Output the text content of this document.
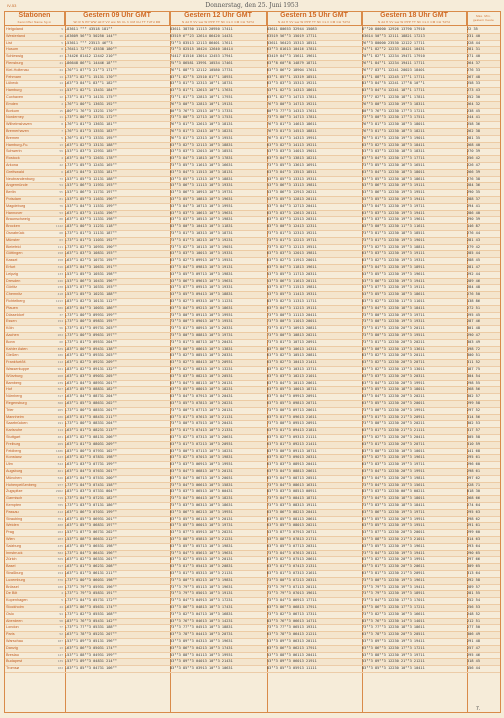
IV-53	Donnerstag, den 25. Juni 1953
Stationen
Kennziffer Name hg m
Gestern 09 Uhr GMT
Wi R N PP WW dd ff VV ww Nh CL h CM CH TT TdTd RR
Gestern 12 Uhr GMT
N dd ff VV ww W PPP TT Nh CL h CM CH TdTd
Gestern 15 Uhr GMT
N dd ff VV ww W PPP TT Nh CL h CM CH TdTd
Gestern 18 Uhr GMT
N dd ff VV ww W PPP TT Nh CL h CM CH TdTd
Max. Min.
gestern heute
Helgoland	9 —83611 ⁰⁰⁰ 43518 181⁰⁰	83611 38750 11113 20950 17411	83611 80653 32944 15083	8⁰⁰20 80000 12926 13790 17910	22 35
Westerland	16 —63609 56⁰⁰3 50250 144⁰⁰	63519 6⁰⁰23 12614 86420 14431	63519 56⁰⁰3 15019 17711	63614 50⁰⁰3 12111 18821 17213	231 40
List	5 —53611 ⁰⁰⁰ 23513 46⁰⁰3	73⁰⁰3 83513 12113 86401 17611	53611 56423 15313 18511	76⁰⁰3 80000 23530 12122 17711	228 44
Husum	8 —76411 72⁰⁰7 43538 180⁰⁰	73⁰⁰3 82515 10424 12640 18414	63⁰⁰3 81613 10416 17811	74⁰⁰1 82⁰⁰2 12233 18421 10431	281 31
Schleswig	43 —74426 81412 12442 210⁰⁰	74417 81516 13014 12453 17941	63419 84⁰⁰3 15611 19611	70⁰⁰1 82⁰⁰1 12234 19471 17910	271 40
Flensburg	41 —86648 86⁰⁰1 14446 18⁰⁰⁰	75⁰⁰3 86581 13991 10534 17461	63⁰⁰8 60⁰⁰8 14879 18711	76⁰⁰1 84⁰⁰1 12234 19411 17711	264 37
Kiel-Holtenau	44 —76⁰⁰1 87⁰⁰3 21⁰⁰3 171⁰⁰	76⁰⁰1 88⁰⁰3 12112 10580 17731	63⁰⁰3 86⁰⁰2 18904 17611	76⁰⁰7 83⁰⁰1 12241 20023 18401	276 33
Fehmarn	14 —73⁰⁰1 82⁰⁰1 15131 170⁰⁰	83⁰⁰1 82⁰⁰5 12510 81⁰⁰1 18931	63⁰⁰1 85⁰⁰1 15319 18511	81⁰⁰1 88⁰⁰1 12245 17⁰⁰1 17711	267 48
Lübeck	14 —63⁰⁰3 84⁰⁰1 83⁰⁰1 182⁰⁰	83⁰⁰3 81⁰⁰3 12313 10⁰⁰1 18731	63⁰⁰3 83⁰⁰3 15313 19211	83⁰⁰3 84⁰⁰5 12241 17⁰⁰8 10⁰⁰1	258 33
Hamburg	14 —53⁰⁰1 82⁰⁰1 13431 184⁰⁰	83⁰⁰3 81⁰⁰1 12613 10⁰⁰1 17631	53⁰⁰1 82⁰⁰3 14313 18611	83⁰⁰3 84⁰⁰4 12241 18⁰⁰1 17711	273 43
Cuxhaven	12 —73⁰⁰1 81⁰⁰3 14131 175⁰⁰	73⁰⁰1 81⁰⁰3 12813 10⁰⁰1 17931	63⁰⁰1 82⁰⁰3 14713 17811	73⁰⁰7 82⁰⁰1 12230 18⁰⁰1 17811	252 30
Emden	2 —76⁰⁰1 80⁰⁰1 13631 192⁰⁰	76⁰⁰3 80⁰⁰3 12813 10⁰⁰1 19131	76⁰⁰3 80⁰⁰3 14713 19211	76⁰⁰3 80⁰⁰3 12230 19⁰⁰3 18311	264 32
Borkum	15 —80⁰⁰1 76⁰⁰3 13231 170⁰⁰	80⁰⁰3 76⁰⁰3 12513 10⁰⁰3 17331	80⁰⁰3 77⁰⁰3 14313 17611	80⁰⁰3 76⁰⁰3 12230 17⁰⁰3 17211	238 45
Norderney	11 —73⁰⁰1 80⁰⁰3 13731 172⁰⁰	73⁰⁰3 80⁰⁰3 12713 10⁰⁰3 17531	73⁰⁰3 80⁰⁰3 14713 17811	73⁰⁰3 80⁰⁰3 12230 17⁰⁰3 17511	244 41
Wilhelmshaven	8 —76⁰⁰1 81⁰⁰3 13631 181⁰⁰	76⁰⁰3 81⁰⁰3 12613 10⁰⁰3 18131	76⁰⁰3 81⁰⁰3 14613 18611	76⁰⁰3 81⁰⁰3 12230 18⁰⁰3 18011	258 36
Bremerhaven	7 —76⁰⁰1 81⁰⁰3 13531 183⁰⁰	76⁰⁰3 81⁰⁰3 12413 10⁰⁰3 18231	76⁰⁰3 81⁰⁰3 14513 18811	76⁰⁰3 81⁰⁰3 12230 18⁰⁰3 18211	262 38
Bremen	5 —76⁰⁰1 81⁰⁰3 13331 195⁰⁰	76⁰⁰3 81⁰⁰3 12313 10⁰⁰3 19531	76⁰⁰3 81⁰⁰3 14313 19911	76⁰⁰3 81⁰⁰3 12230 19⁰⁰3 19011	281 35
Hamburg-Fu.	13 —63⁰⁰1 82⁰⁰3 13131 188⁰⁰	63⁰⁰3 82⁰⁰3 12113 10⁰⁰3 18831	63⁰⁰3 82⁰⁰3 14113 19211	63⁰⁰3 82⁰⁰3 12230 18⁰⁰3 18411	268 40
Schwerin	59 —53⁰⁰1 83⁰⁰3 12931 185⁰⁰	53⁰⁰3 83⁰⁰3 12013 10⁰⁰3 18531	53⁰⁰3 83⁰⁰3 14013 19011	53⁰⁰3 83⁰⁰3 12230 18⁰⁰3 18311	270 39
Rostock	4 —63⁰⁰1 84⁰⁰3 12631 178⁰⁰	63⁰⁰3 84⁰⁰3 11813 10⁰⁰3 17831	63⁰⁰3 84⁰⁰3 13813 18211	63⁰⁰3 84⁰⁰3 12230 17⁰⁰3 17711	256 42
Arkona	42 —73⁰⁰1 85⁰⁰3 12431 165⁰⁰	73⁰⁰3 85⁰⁰3 11613 10⁰⁰3 16631	73⁰⁰3 85⁰⁰3 13613 16911	73⁰⁰3 85⁰⁰3 12230 16⁰⁰3 16511	226 47
Greifswald	6 —63⁰⁰1 84⁰⁰3 12331 181⁰⁰	63⁰⁰3 84⁰⁰3 11513 10⁰⁰3 18131	63⁰⁰3 84⁰⁰3 13513 18511	63⁰⁰3 84⁰⁰3 12230 18⁰⁰3 18011	266 39
Neubrandenburg	73 —53⁰⁰1 85⁰⁰3 12131 188⁰⁰	53⁰⁰3 85⁰⁰3 11313 10⁰⁰3 18831	53⁰⁰3 85⁰⁰3 13313 19311	53⁰⁰3 85⁰⁰3 12230 18⁰⁰3 18611	276 38
Angermünde	54 —53⁰⁰1 86⁰⁰3 11931 193⁰⁰	53⁰⁰3 86⁰⁰3 11113 10⁰⁰3 19331	53⁰⁰3 86⁰⁰3 13113 19811	53⁰⁰3 86⁰⁰3 12230 19⁰⁰3 19111	284 36
Berlin	55 —53⁰⁰1 86⁰⁰3 11731 197⁰⁰	53⁰⁰3 86⁰⁰3 10913 10⁰⁰3 19731	53⁰⁰3 86⁰⁰3 12913 20211	53⁰⁰3 86⁰⁰3 12230 19⁰⁰3 19511	290 35
Potsdam	81 —53⁰⁰1 85⁰⁰3 11631 196⁰⁰	53⁰⁰3 85⁰⁰3 10813 10⁰⁰3 19631	53⁰⁰3 85⁰⁰3 12813 20111	53⁰⁰3 85⁰⁰3 12230 19⁰⁰3 19411	288 37
Magdeburg	79 —53⁰⁰1 84⁰⁰3 11531 199⁰⁰	53⁰⁰3 84⁰⁰3 10713 10⁰⁰3 19931	53⁰⁰3 84⁰⁰3 12713 20411	53⁰⁰3 84⁰⁰3 12230 19⁰⁰3 19711	294 41
Hannover	53 —63⁰⁰1 83⁰⁰3 11431 196⁰⁰	63⁰⁰3 83⁰⁰3 10613 10⁰⁰3 19631	63⁰⁰3 83⁰⁰3 12613 20111	63⁰⁰3 83⁰⁰3 12230 19⁰⁰3 19411	286 40
Braunschweig	88 —63⁰⁰1 83⁰⁰3 11331 198⁰⁰	63⁰⁰3 83⁰⁰3 10513 10⁰⁰3 19831	63⁰⁰3 83⁰⁰3 12513 20311	63⁰⁰3 83⁰⁰3 12230 19⁰⁰3 19611	290 39
Brocken	1142 —83⁰⁰1 80⁰⁰3 11231 118⁰⁰	83⁰⁰3 80⁰⁰3 10413 10⁰⁰3 11831	83⁰⁰3 80⁰⁰3 12413 12311	83⁰⁰3 80⁰⁰3 12230 11⁰⁰3 11611	146 87
Osnabrück	68 —73⁰⁰1 81⁰⁰3 11131 187⁰⁰	73⁰⁰3 81⁰⁰3 10313 10⁰⁰3 18731	73⁰⁰3 81⁰⁰3 12313 19211	73⁰⁰3 81⁰⁰3 12230 18⁰⁰3 18511	276 44
Münster	63 —73⁰⁰1 81⁰⁰3 11031 192⁰⁰	73⁰⁰3 81⁰⁰3 10213 10⁰⁰3 19231	73⁰⁰3 81⁰⁰3 12213 19711	73⁰⁰3 81⁰⁰3 12230 19⁰⁰3 19011	281 43
Bielefeld	111 —73⁰⁰1 82⁰⁰3 10931 190⁰⁰	73⁰⁰3 82⁰⁰3 10113 10⁰⁰3 19031	73⁰⁰3 82⁰⁰3 12113 19511	73⁰⁰3 82⁰⁰3 12230 19⁰⁰3 18811	279 42
Göttingen	150 —63⁰⁰1 83⁰⁰3 10831 193⁰⁰	63⁰⁰3 83⁰⁰3 10013 10⁰⁰3 19331	63⁰⁰3 83⁰⁰3 12013 19811	63⁰⁰3 83⁰⁰3 12230 19⁰⁰3 19111	285 44
Kassel	158 —63⁰⁰1 82⁰⁰3 10731 195⁰⁰	63⁰⁰3 82⁰⁰3 09913 10⁰⁰3 19531	63⁰⁰3 82⁰⁰3 11913 20011	63⁰⁰3 82⁰⁰3 12230 19⁰⁰3 19311	288 45
Erfurt	316 —63⁰⁰1 84⁰⁰3 10631 191⁰⁰	63⁰⁰3 84⁰⁰3 09813 10⁰⁰3 19131	63⁰⁰3 84⁰⁰3 11813 19611	63⁰⁰3 84⁰⁰3 12230 19⁰⁰3 18911	281 47
Leipzig	133 —53⁰⁰1 85⁰⁰3 10531 198⁰⁰	53⁰⁰3 85⁰⁰3 09713 10⁰⁰3 19831	53⁰⁰3 85⁰⁰3 11713 20311	53⁰⁰3 85⁰⁰3 12230 19⁰⁰3 19611	292 44
Dresden	246 —53⁰⁰1 86⁰⁰3 10431 196⁰⁰	53⁰⁰3 86⁰⁰3 09613 10⁰⁰3 19631	53⁰⁰3 86⁰⁰3 11613 20111	53⁰⁰3 86⁰⁰3 12230 19⁰⁰3 19411	289 46
Görlitz	238 —53⁰⁰1 87⁰⁰3 10331 193⁰⁰	53⁰⁰3 87⁰⁰3 09513 10⁰⁰3 19331	53⁰⁰3 87⁰⁰3 11513 19811	53⁰⁰3 87⁰⁰3 12230 19⁰⁰3 19111	284 48
Chemnitz	418 —53⁰⁰1 85⁰⁰3 10231 188⁰⁰	53⁰⁰3 85⁰⁰3 09413 10⁰⁰3 18831	53⁰⁰3 85⁰⁰3 11413 19311	53⁰⁰3 85⁰⁰3 12230 18⁰⁰3 18611	276 50
Fichtelberg	1213 —83⁰⁰1 82⁰⁰3 10131 112⁰⁰	83⁰⁰3 82⁰⁰3 09313 10⁰⁰3 11231	83⁰⁰3 82⁰⁰3 11313 11711	83⁰⁰3 82⁰⁰3 12230 11⁰⁰3 11011	138 86
Plauen	386 —63⁰⁰1 84⁰⁰3 10031 186⁰⁰	63⁰⁰3 84⁰⁰3 09213 10⁰⁰3 18631	63⁰⁰3 84⁰⁰3 11213 19111	63⁰⁰3 84⁰⁰3 12230 18⁰⁰3 18411	272 51
Düsseldorf	37 —73⁰⁰1 80⁰⁰3 09931 199⁰⁰	73⁰⁰3 80⁰⁰3 09113 10⁰⁰3 19931	73⁰⁰3 80⁰⁰3 11113 20411	73⁰⁰3 80⁰⁰3 12230 19⁰⁰3 19711	295 45
Essen	154 —73⁰⁰1 80⁰⁰3 09831 195⁰⁰	73⁰⁰3 80⁰⁰3 09013 10⁰⁰3 19531	73⁰⁰3 80⁰⁰3 11013 20011	73⁰⁰3 80⁰⁰3 12230 19⁰⁰3 19311	287 46
Köln	56 —73⁰⁰1 81⁰⁰3 09731 203⁰⁰	73⁰⁰3 81⁰⁰3 08913 10⁰⁰3 20331	73⁰⁰3 81⁰⁰3 10913 20811	73⁰⁰3 81⁰⁰3 12230 20⁰⁰3 20111	301 48
Aachen	202 —73⁰⁰1 80⁰⁰3 09631 197⁰⁰	73⁰⁰3 80⁰⁰3 08813 10⁰⁰3 19731	73⁰⁰3 80⁰⁰3 10813 20211	73⁰⁰3 80⁰⁰3 12230 19⁰⁰3 19511	290 47
Bonn	60 —73⁰⁰1 81⁰⁰3 09531 204⁰⁰	73⁰⁰3 81⁰⁰3 08713 10⁰⁰3 20431	73⁰⁰3 81⁰⁰3 10713 20911	73⁰⁰3 81⁰⁰3 12230 20⁰⁰3 20211	303 49
Kahler Asten	839 —83⁰⁰1 80⁰⁰3 09431 138⁰⁰	83⁰⁰3 80⁰⁰3 08613 10⁰⁰3 13831	83⁰⁰3 80⁰⁰3 10613 14311	83⁰⁰3 80⁰⁰3 12230 13⁰⁰3 13611	198 72
Gießen	186 —63⁰⁰1 82⁰⁰3 09331 203⁰⁰	63⁰⁰3 82⁰⁰3 08513 10⁰⁰3 20331	63⁰⁰3 82⁰⁰3 10513 20811	63⁰⁰3 82⁰⁰3 12230 20⁰⁰3 20111	300 51
Frankfurt/M.	112 —63⁰⁰1 82⁰⁰3 09231 209⁰⁰	63⁰⁰3 82⁰⁰3 08413 10⁰⁰3 20931	63⁰⁰3 82⁰⁰3 10413 21411	63⁰⁰3 82⁰⁰3 12230 20⁰⁰3 20711	311 52
Wasserkuppe	921 —83⁰⁰1 82⁰⁰3 09131 132⁰⁰	83⁰⁰3 82⁰⁰3 08313 10⁰⁰3 13231	83⁰⁰3 82⁰⁰3 10313 13711	83⁰⁰3 82⁰⁰3 12230 13⁰⁰3 13011	187 75
Würzburg	268 —63⁰⁰1 83⁰⁰3 09031 205⁰⁰	63⁰⁰3 83⁰⁰3 08213 10⁰⁰3 20531	63⁰⁰3 83⁰⁰3 10213 21011	63⁰⁰3 83⁰⁰3 12230 20⁰⁰3 20311	304 54
Bamberg	239 —63⁰⁰1 84⁰⁰3 08931 201⁰⁰	63⁰⁰3 84⁰⁰3 08113 10⁰⁰3 20131	63⁰⁰3 84⁰⁰3 10113 20611	63⁰⁰3 84⁰⁰3 12230 20⁰⁰3 19911	298 55
Hof	567 —63⁰⁰1 85⁰⁰3 08831 182⁰⁰	63⁰⁰3 85⁰⁰3 08013 10⁰⁰3 18231	63⁰⁰3 85⁰⁰3 10013 18711	63⁰⁰3 85⁰⁰3 12230 18⁰⁰3 18011	268 56
Nürnberg	317 —63⁰⁰1 84⁰⁰3 08731 204⁰⁰	63⁰⁰3 84⁰⁰3 07913 10⁰⁰3 20431	63⁰⁰3 84⁰⁰3 09913 20911	63⁰⁰3 84⁰⁰3 12230 20⁰⁰3 20211	302 57
Regensburg	366 —63⁰⁰1 85⁰⁰3 08631 202⁰⁰	63⁰⁰3 85⁰⁰3 07813 10⁰⁰3 20231	63⁰⁰3 85⁰⁰3 09813 20711	63⁰⁰3 85⁰⁰3 12230 20⁰⁰3 20011	299 58
Trier	265 —73⁰⁰1 80⁰⁰3 08531 201⁰⁰	73⁰⁰3 80⁰⁰3 07713 10⁰⁰3 20131	73⁰⁰3 80⁰⁰3 09713 20611	73⁰⁰3 80⁰⁰3 12230 20⁰⁰3 19911	297 52
Mannheim	106 —63⁰⁰1 81⁰⁰3 08431 211⁰⁰	63⁰⁰3 81⁰⁰3 07613 10⁰⁰3 21131	63⁰⁰3 81⁰⁰3 09613 21611	63⁰⁰3 81⁰⁰3 12230 21⁰⁰3 20911	314 56
Saarbrücken	191 —73⁰⁰1 80⁰⁰3 08331 204⁰⁰	73⁰⁰3 80⁰⁰3 07513 10⁰⁰3 20431	73⁰⁰3 80⁰⁰3 09513 20911	73⁰⁰3 80⁰⁰3 12230 20⁰⁰3 20211	302 53
Karlsruhe	114 —63⁰⁰1 81⁰⁰3 08231 213⁰⁰	63⁰⁰3 81⁰⁰3 07413 10⁰⁰3 21331	63⁰⁰3 81⁰⁰3 09413 21811	63⁰⁰3 81⁰⁰3 12230 21⁰⁰3 21111	317 57
Stuttgart	401 —63⁰⁰1 82⁰⁰3 08131 206⁰⁰	63⁰⁰3 82⁰⁰3 07313 10⁰⁰3 20631	63⁰⁰3 82⁰⁰3 09313 21111	63⁰⁰3 82⁰⁰3 12230 20⁰⁰3 20411	305 58
Freiburg	269 —63⁰⁰1 81⁰⁰3 08031 209⁰⁰	63⁰⁰3 81⁰⁰3 07213 10⁰⁰3 20931	63⁰⁰3 81⁰⁰3 09213 21411	63⁰⁰3 81⁰⁰3 12230 20⁰⁰3 20711	310 59
Feldberg	1486 —83⁰⁰1 80⁰⁰3 07931 102⁰⁰	83⁰⁰3 80⁰⁰3 07113 10⁰⁰3 10231	83⁰⁰3 80⁰⁰3 09113 10711	83⁰⁰3 80⁰⁰3 12230 10⁰⁰3 10011	141 68
Konstanz	443 —63⁰⁰1 82⁰⁰3 07831 198⁰⁰	63⁰⁰3 82⁰⁰3 07013 10⁰⁰3 19831	63⁰⁰3 82⁰⁰3 09013 20311	63⁰⁰3 82⁰⁰3 12230 19⁰⁰3 19611	295 61
Ulm	522 —63⁰⁰1 83⁰⁰3 07731 199⁰⁰	63⁰⁰3 83⁰⁰3 06913 10⁰⁰3 19931	63⁰⁰3 83⁰⁰3 08913 20411	63⁰⁰3 83⁰⁰3 12230 19⁰⁰3 19711	296 60
Augsburg	461 —63⁰⁰1 84⁰⁰3 07631 201⁰⁰	63⁰⁰3 84⁰⁰3 06813 10⁰⁰3 20131	63⁰⁰3 84⁰⁰3 08813 20611	63⁰⁰3 84⁰⁰3 12230 20⁰⁰3 19911	298 61
München	526 —63⁰⁰1 84⁰⁰3 07531 200⁰⁰	63⁰⁰3 84⁰⁰3 06713 10⁰⁰3 20031	63⁰⁰3 84⁰⁰3 08713 20511	63⁰⁰3 84⁰⁰3 12230 20⁰⁰3 19811	297 62
Hohenpeißenberg	977 —73⁰⁰1 84⁰⁰3 07431 158⁰⁰	73⁰⁰3 84⁰⁰3 06613 10⁰⁰3 15831	73⁰⁰3 84⁰⁰3 08613 16311	73⁰⁰3 84⁰⁰3 12230 15⁰⁰3 15611	228 71
Zugspitze	2962 —83⁰⁰1 83⁰⁰3 07331 004⁰⁰	83⁰⁰3 83⁰⁰3 06513 10⁰⁰3 00431	83⁰⁰3 83⁰⁰3 08513 00911	83⁰⁰3 83⁰⁰3 12230 00⁰⁰3 00211	018 30
Garmisch	719 —73⁰⁰1 84⁰⁰3 07231 182⁰⁰	73⁰⁰3 84⁰⁰3 06413 10⁰⁰3 18231	73⁰⁰3 84⁰⁰3 08413 18711	73⁰⁰3 84⁰⁰3 12230 18⁰⁰3 18011	268 66
Kempten	705 —73⁰⁰1 83⁰⁰3 07131 186⁰⁰	73⁰⁰3 83⁰⁰3 06313 10⁰⁰3 18631	73⁰⁰3 83⁰⁰3 08313 19111	73⁰⁰3 83⁰⁰3 12230 18⁰⁰3 18411	274 64
Passau	412 —63⁰⁰1 86⁰⁰3 07031 199⁰⁰	63⁰⁰3 86⁰⁰3 06213 10⁰⁰3 19931	63⁰⁰3 86⁰⁰3 08213 20411	63⁰⁰3 86⁰⁰3 12230 19⁰⁰3 19711	295 63
Straubing	351 —63⁰⁰1 85⁰⁰3 06931 201⁰⁰	63⁰⁰3 85⁰⁰3 06113 10⁰⁰3 20131	63⁰⁰3 85⁰⁰3 08113 20611	63⁰⁰3 85⁰⁰3 12230 20⁰⁰3 19911	298 62
Weiden	400 —63⁰⁰1 85⁰⁰3 06831 197⁰⁰	63⁰⁰3 85⁰⁰3 06013 10⁰⁰3 19731	63⁰⁰3 85⁰⁰3 08013 20211	63⁰⁰3 85⁰⁰3 12230 19⁰⁰3 19511	291 61
Prag	262 —53⁰⁰1 87⁰⁰3 06731 202⁰⁰	53⁰⁰3 87⁰⁰3 05913 10⁰⁰3 20231	53⁰⁰3 87⁰⁰3 07913 20711	53⁰⁰3 87⁰⁰3 12230 20⁰⁰3 20011	299 60
Wien	203 —53⁰⁰1 88⁰⁰3 06631 212⁰⁰	53⁰⁰3 88⁰⁰3 05813 10⁰⁰3 21231	53⁰⁰3 88⁰⁰3 07813 21711	53⁰⁰3 88⁰⁰3 12230 21⁰⁰3 21011	314 63
Salzburg	435 —63⁰⁰1 85⁰⁰3 06531 198⁰⁰	63⁰⁰3 85⁰⁰3 05713 10⁰⁰3 19831	63⁰⁰3 85⁰⁰3 07713 20311	63⁰⁰3 85⁰⁰3 12230 19⁰⁰3 19611	293 64
Innsbruck	582 —73⁰⁰1 84⁰⁰3 06431 196⁰⁰	73⁰⁰3 84⁰⁰3 05613 10⁰⁰3 19631	73⁰⁰3 84⁰⁰3 07613 20111	73⁰⁰3 84⁰⁰3 12230 19⁰⁰3 19411	290 65
Zürich	569 —63⁰⁰1 82⁰⁰3 06331 201⁰⁰	63⁰⁰3 82⁰⁰3 05513 10⁰⁰3 20131	63⁰⁰3 82⁰⁰3 07513 20611	63⁰⁰3 82⁰⁰3 12230 20⁰⁰3 19911	297 66
Basel	317 —63⁰⁰1 81⁰⁰3 06231 208⁰⁰	63⁰⁰3 81⁰⁰3 05413 10⁰⁰3 20831	63⁰⁰3 81⁰⁰3 07413 21311	63⁰⁰3 81⁰⁰3 12230 20⁰⁰3 20611	309 65
Straßburg	154 —63⁰⁰1 81⁰⁰3 06131 211⁰⁰	63⁰⁰3 81⁰⁰3 05313 10⁰⁰3 21131	63⁰⁰3 81⁰⁰3 07313 21611	63⁰⁰3 81⁰⁰3 12230 21⁰⁰3 20911	313 64
Luxemburg	376 —73⁰⁰1 80⁰⁰3 06031 198⁰⁰	73⁰⁰3 80⁰⁰3 05213 10⁰⁰3 19831	73⁰⁰3 80⁰⁰3 07213 20311	73⁰⁰3 80⁰⁰3 12230 19⁰⁰3 19611	292 58
Brüssel	100 —73⁰⁰1 79⁰⁰3 05931 196⁰⁰	73⁰⁰3 79⁰⁰3 05113 10⁰⁰3 19631	73⁰⁰3 79⁰⁰3 07113 20111	73⁰⁰3 79⁰⁰3 12230 19⁰⁰3 19411	289 57
De Bilt	4 —73⁰⁰1 79⁰⁰3 05831 191⁰⁰	73⁰⁰3 79⁰⁰3 05013 10⁰⁰3 19131	73⁰⁰3 79⁰⁰3 07013 19611	73⁰⁰3 79⁰⁰3 12230 19⁰⁰3 18911	281 55
Kopenhagen	5 —73⁰⁰1 84⁰⁰3 05731 172⁰⁰	73⁰⁰3 84⁰⁰3 04913 10⁰⁰3 17231	73⁰⁰3 84⁰⁰3 06913 17711	73⁰⁰3 84⁰⁰3 12230 17⁰⁰3 17011	252 54
Stockholm	44 —63⁰⁰1 86⁰⁰3 05631 174⁰⁰	63⁰⁰3 86⁰⁰3 04813 10⁰⁰3 17431	63⁰⁰3 86⁰⁰3 06813 17911	63⁰⁰3 86⁰⁰3 12230 17⁰⁰3 17211	256 53
Oslo	94 —73⁰⁰1 82⁰⁰3 05531 168⁰⁰	73⁰⁰3 82⁰⁰3 04713 10⁰⁰3 16831	73⁰⁰3 82⁰⁰3 06713 17311	73⁰⁰3 82⁰⁰3 12230 16⁰⁰3 16611	248 52
Aberdeen	58 —83⁰⁰1 76⁰⁰3 05431 142⁰⁰	83⁰⁰3 76⁰⁰3 04613 10⁰⁰3 14231	83⁰⁰3 76⁰⁰3 06613 14711	83⁰⁰3 76⁰⁰3 12230 14⁰⁰3 14011	212 51
London	77 —73⁰⁰1 77⁰⁰3 05331 188⁰⁰	73⁰⁰3 77⁰⁰3 04513 10⁰⁰3 18831	73⁰⁰3 77⁰⁰3 06513 19311	73⁰⁰3 77⁰⁰3 12230 18⁰⁰3 18611	277 50
Paris	52 —63⁰⁰1 78⁰⁰3 05231 207⁰⁰	63⁰⁰3 78⁰⁰3 04413 10⁰⁰3 20731	63⁰⁰3 78⁰⁰3 06413 21211	63⁰⁰3 78⁰⁰3 12230 20⁰⁰3 20511	306 49
Warschau	107 —53⁰⁰1 89⁰⁰3 05131 196⁰⁰	53⁰⁰3 89⁰⁰3 04313 10⁰⁰3 19631	53⁰⁰3 89⁰⁰3 06313 20111	53⁰⁰3 89⁰⁰3 12230 19⁰⁰3 19411	291 48
Danzig	13 —63⁰⁰1 86⁰⁰3 05031 174⁰⁰	63⁰⁰3 86⁰⁰3 04213 10⁰⁰3 17431	63⁰⁰3 86⁰⁰3 06213 17911	63⁰⁰3 86⁰⁰3 12230 17⁰⁰3 17211	257 47
Breslau	147 —53⁰⁰1 88⁰⁰3 04931 199⁰⁰	53⁰⁰3 88⁰⁰3 04113 10⁰⁰3 19931	53⁰⁰3 88⁰⁰3 06113 20411	53⁰⁰3 88⁰⁰3 12230 19⁰⁰3 19711	295 46
Budapest	139 —53⁰⁰1 89⁰⁰3 04831 214⁰⁰	53⁰⁰3 89⁰⁰3 04013 10⁰⁰3 21431	53⁰⁰3 89⁰⁰3 06013 21911	53⁰⁰3 89⁰⁰3 12230 21⁰⁰3 21211	318 45
Tromsø	102 —83⁰⁰1 85⁰⁰3 04731 106⁰⁰	83⁰⁰3 85⁰⁰3 03913 10⁰⁰3 10631	83⁰⁰3 85⁰⁰3 05913 11111	83⁰⁰3 85⁰⁰3 12230 10⁰⁰3 10411	156 44
7.
